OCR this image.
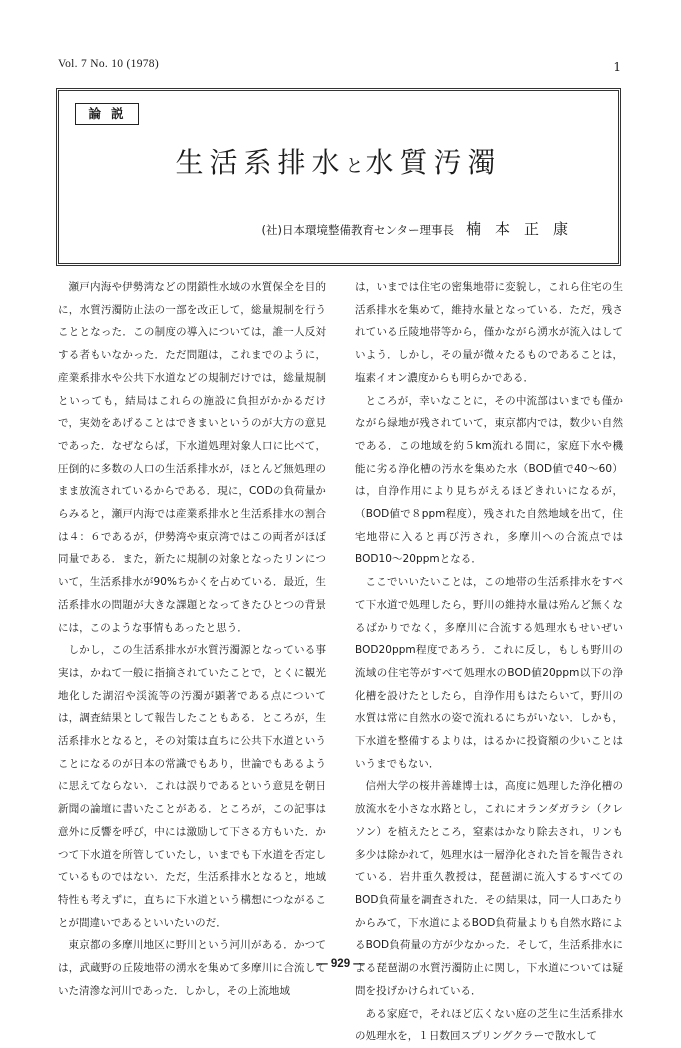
Vol. 7 No. 10 (1978)	1
論説
生活系排水と水質汚濁
(社)日本環境整備教育センター理事長 楠本正康

瀬戸内海や伊勢湾などの閉鎖性水域の水質保全を目的に，水質汚濁防止法の一部を改正して，総量規制を行うこととなった．この制度の導入については，誰一人反対する者もいなかった．ただ問題は，これまでのように，産業系排水や公共下水道などの規制だけでは，総量規制といっても，結局はこれらの施設に負担がかかるだけで，実効をあげることはできまいというのが大方の意見であった．なぜならば，下水道処理対象人口に比べて，圧倒的に多数の人口の生活系排水が，ほとんど無処理のまま放流されているからである．現に，CODの負荷量からみると，瀬戸内海では産業系排水と生活系排水の割合は４：６であるが，伊勢湾や東京湾ではこの両者がほぼ同量である．また，新たに規制の対象となったリンについて，生活系排水が90%ちかくを占めている．最近，生活系排水の問題が大きな課題となってきたひとつの背景には，このような事情もあったと思う．

しかし，この生活系排水が水質汚濁源となっている事実は，かねて一般に指摘されていたことで，とくに観光地化した湖沼や渓流等の汚濁が顕著である点については，調査結果として報告したこともある．ところが，生活系排水となると，その対策は直ちに公共下水道ということになるのが日本の常識でもあり，世論でもあるように思えてならない．これは誤りであるという意見を朝日新聞の論壇に書いたことがある．ところが，この記事は意外に反響を呼び，中には激励して下さる方もいた．かつて下水道を所管していたし，いまでも下水道を否定しているものではない．ただ，生活系排水となると，地域特性も考えずに，直ちに下水道という構想につながることが間違いであるといいたいのだ．

東京都の多摩川地区に野川という河川がある．かつては，武蔵野の丘陵地帯の湧水を集めて多摩川に合流していた清滲な河川であった．しかし，その上流地域

は，いまでは住宅の密集地帯に変貌し，これら住宅の生活系排水を集めて，維持水量となっている．ただ，残されている丘陵地帯等から，僅かながら湧水が流入はしていよう．しかし，その量が微々たるものであることは，塩素イオン濃度からも明らかである．

ところが，幸いなことに，その中流部はいまでも僅かながら緑地が残されていて，東京都内では，数少い自然である．この地域を約５km流れる間に，家庭下水や機能に劣る浄化槽の汚水を集めた水（BOD値で40〜60）は，自浄作用により見ちがえるほどきれいになるが，（BOD値で８ppm程度），残された自然地域を出て，住宅地帯に入ると再び汚され，多摩川への合流点ではBOD10〜20ppmとなる．

ここでいいたいことは，この地帯の生活系排水をすべて下水道で処理したら，野川の維持水量は殆んど無くなるばかりでなく，多摩川に合流する処理水もせいぜいBOD20ppm程度であろう．これに反し，もしも野川の流域の住宅等がすべて処理水のBOD値20ppm以下の浄化槽を設けたとしたら，自浄作用もはたらいて，野川の水質は常に自然水の姿で流れるにちがいない．しかも，下水道を整備するよりは，はるかに投資額の少いことはいうまでもない．

信州大学の桜井善雄博士は，高度に処理した浄化槽の放流水を小さな水路とし，これにオランダガラシ（クレソン）を植えたところ，窒素はかなり除去され，リンも多少は除かれて，処理水は一層浄化された旨を報告されている．岩井重久教授は，琵琶湖に流入するすべてのBOD負荷量を調査された．その結果は，同一人口あたりからみて，下水道によるBOD負荷量よりも自然水路によるBOD負荷量の方が少なかった．そして，生活系排水による琵琶湖の水質汚濁防止に関し，下水道については疑問を投げかけられている．

ある家庭で，それほど広くない庭の芝生に生活系排水の処理水を，１日数回スプリングクラーで散水して

— 929 —
